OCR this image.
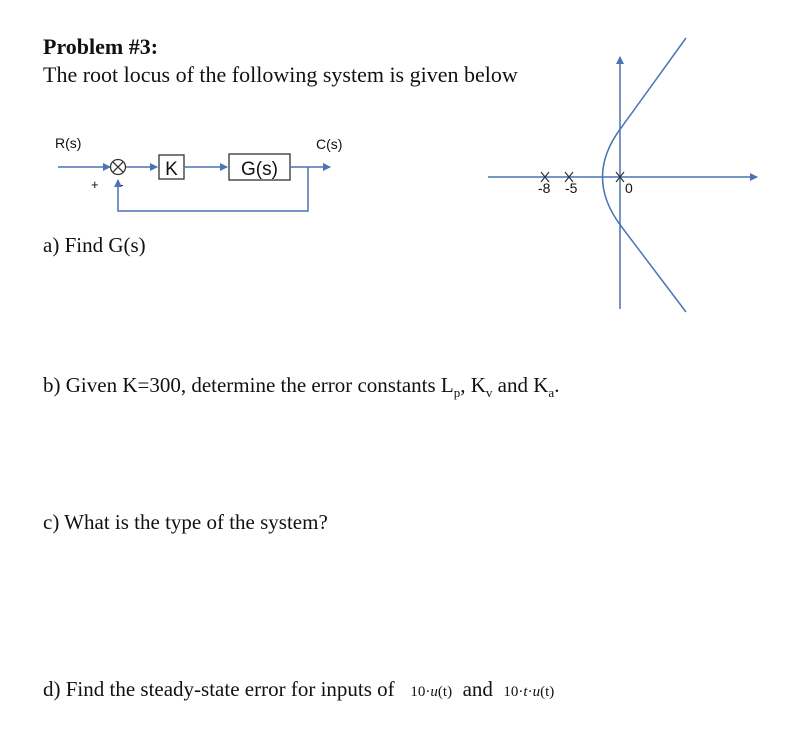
Problem #3:
The root locus of the following system is given below
R(s)	C(s)
+ -
K	G(s)
-8 -5	0
a) Find G(s)
b) Given K=300, determine the error constants $L_p$, $K_v$ and $K_a$.
c) What is the type of the system?
d) Find the steady-state error for inputs of 10·u(t) and 10·t·u(t)
